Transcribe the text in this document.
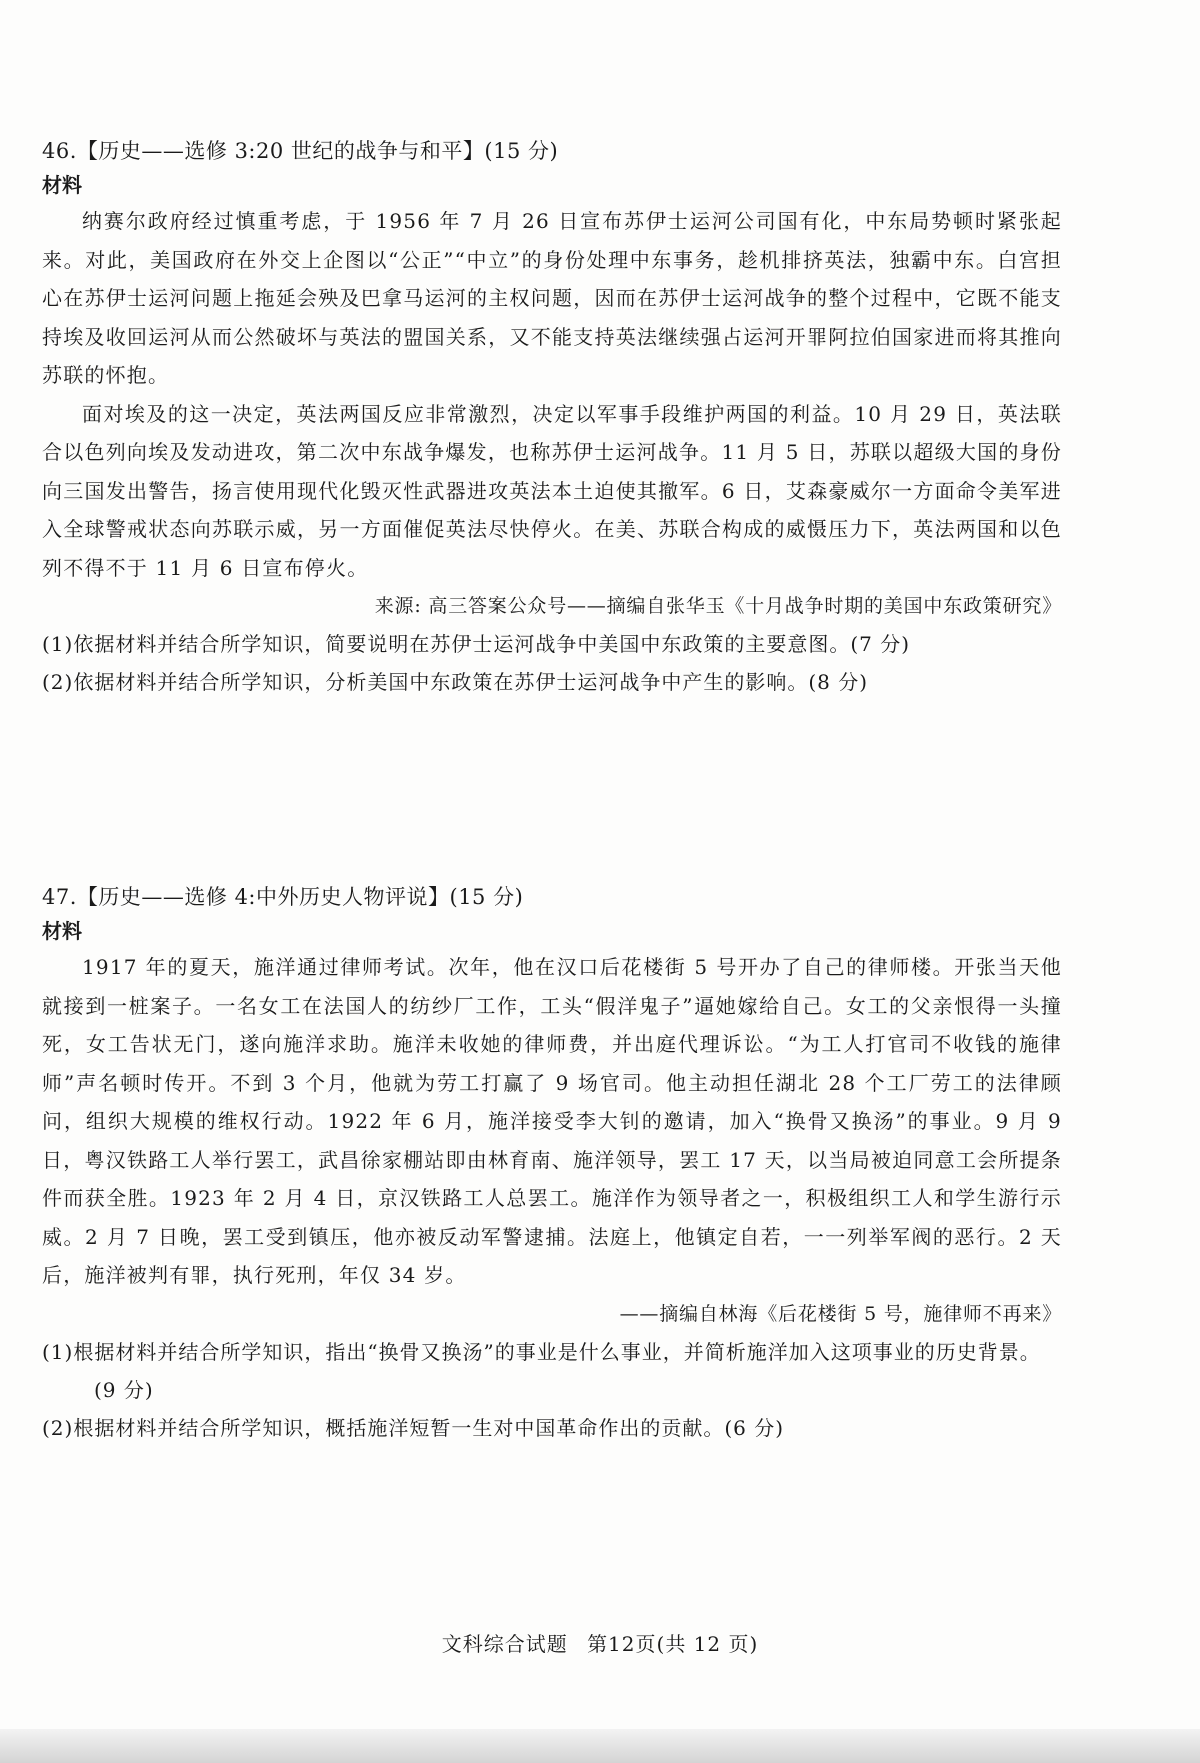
46.【历史——选修 3:20 世纪的战争与和平】(15 分)

材料

纳赛尔政府经过慎重考虑，于 1956 年 7 月 26 日宣布苏伊士运河公司国有化，中东局势顿时紧张起来。对此，美国政府在外交上企图以“公正”“中立”的身份处理中东事务，趁机排挤英法，独霸中东。白宫担心在苏伊士运河问题上拖延会殃及巴拿马运河的主权问题，因而在苏伊士运河战争的整个过程中，它既不能支持埃及收回运河从而公然破坏与英法的盟国关系，又不能支持英法继续强占运河开罪阿拉伯国家进而将其推向苏联的怀抱。

面对埃及的这一决定，英法两国反应非常激烈，决定以军事手段维护两国的利益。10 月 29 日，英法联合以色列向埃及发动进攻，第二次中东战争爆发，也称苏伊士运河战争。11 月 5 日，苏联以超级大国的身份向三国发出警告，扬言使用现代化毁灭性武器进攻英法本土迫使其撤军。6 日，艾森豪威尔一方面命令美军进入全球警戒状态向苏联示威，另一方面催促英法尽快停火。在美、苏联合构成的威慑压力下，英法两国和以色列不得不于 11 月 6 日宣布停火。

来源: 高三答案公众号——摘编自张华玉《十月战争时期的美国中东政策研究》

(1)依据材料并结合所学知识，简要说明在苏伊士运河战争中美国中东政策的主要意图。(7 分)

(2)依据材料并结合所学知识，分析美国中东政策在苏伊士运河战争中产生的影响。(8 分)

47.【历史——选修 4:中外历史人物评说】(15 分)

材料

1917 年的夏天，施洋通过律师考试。次年，他在汉口后花楼街 5 号开办了自己的律师楼。开张当天他就接到一桩案子。一名女工在法国人的纺纱厂工作，工头“假洋鬼子”逼她嫁给自己。女工的父亲恨得一头撞死，女工告状无门，遂向施洋求助。施洋未收她的律师费，并出庭代理诉讼。“为工人打官司不收钱的施律师”声名顿时传开。不到 3 个月，他就为劳工打赢了 9 场官司。他主动担任湖北 28 个工厂劳工的法律顾问，组织大规模的维权行动。1922 年 6 月，施洋接受李大钊的邀请，加入“换骨又换汤”的事业。9 月 9 日，粤汉铁路工人举行罢工，武昌徐家棚站即由林育南、施洋领导，罢工 17 天，以当局被迫同意工会所提条件而获全胜。1923 年 2 月 4 日，京汉铁路工人总罢工。施洋作为领导者之一，积极组织工人和学生游行示威。2 月 7 日晚，罢工受到镇压，他亦被反动军警逮捕。法庭上，他镇定自若，一一列举军阀的恶行。2 天后，施洋被判有罪，执行死刑，年仅 34 岁。

——摘编自林海《后花楼街 5 号，施律师不再来》

(1)根据材料并结合所学知识，指出“换骨又换汤”的事业是什么事业，并简析施洋加入这项事业的历史背景。(9 分)

(2)根据材料并结合所学知识，概括施洋短暂一生对中国革命作出的贡献。(6 分)

文科综合试题 第12页(共 12 页)
